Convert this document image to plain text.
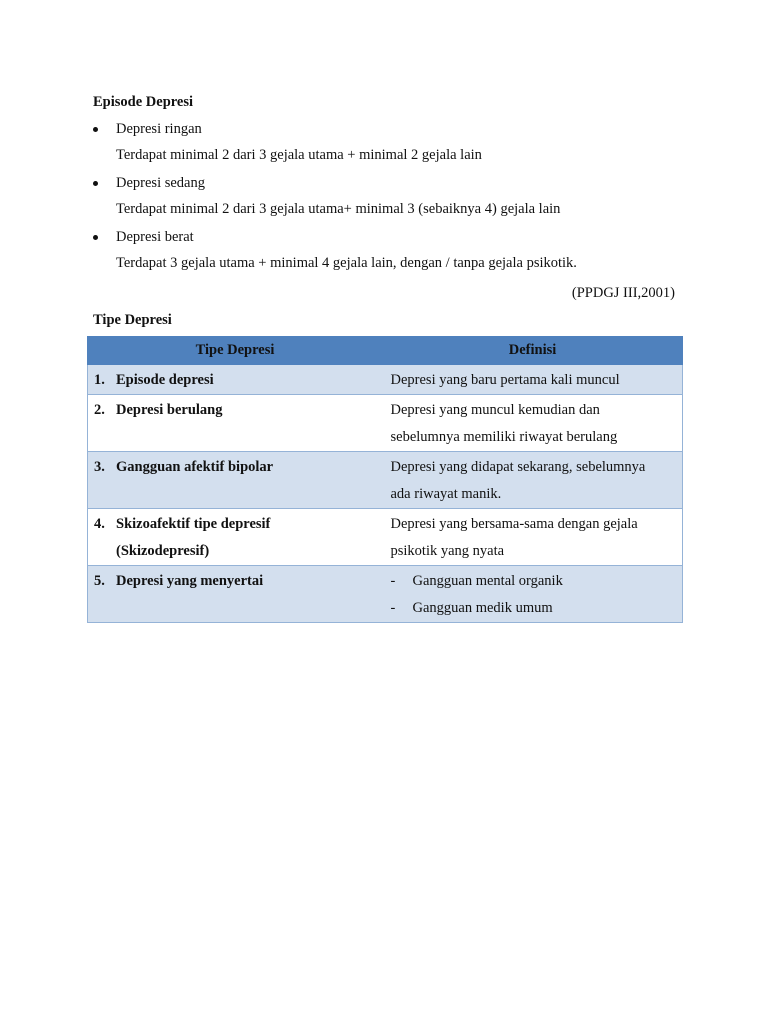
Episode Depresi

Depresi ringan
Terdapat minimal 2 dari 3 gejala utama + minimal 2 gejala lain
Depresi sedang
Terdapat minimal 2 dari 3 gejala utama+ minimal 3 (sebaiknya 4) gejala lain
Depresi berat
Terdapat 3 gejala utama + minimal 4 gejala lain, dengan / tanpa gejala psikotik.
(PPDGJ III,2001)

Tipe Depresi

Tipe Depresi	Definisi
1. Episode depresi	Depresi yang baru pertama kali muncul

2. Depresi berulang	Depresi yang muncul kemudian dan
sebelumnya memiliki riwayat berulang

3. Gangguan afektif bipolar	Depresi yang didapat sekarang, sebelumnya
ada riwayat manik.

4. Skizoafektif tipe depresif
(Skizodepresif)	Depresi yang bersama-sama dengan gejala
psikotik yang nyata

5. Depresi yang menyertai	- Gangguan mental organik
- Gangguan medik umum
